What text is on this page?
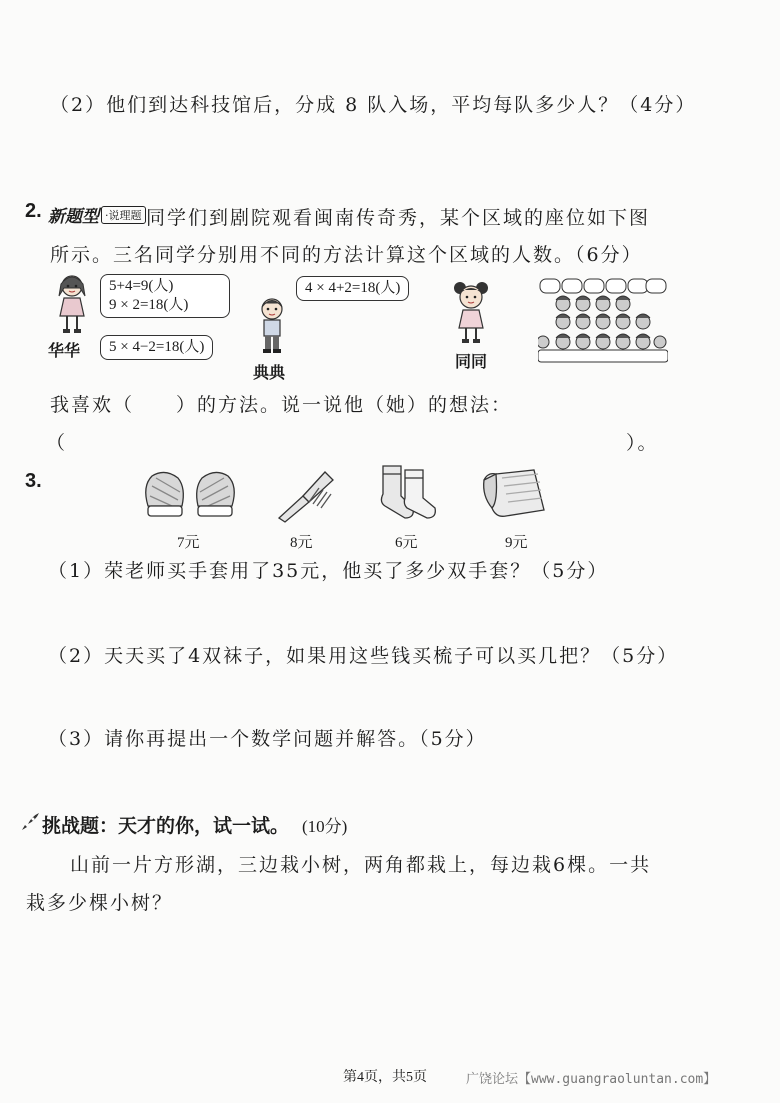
（2）他们到达科技馆后，分成 8 队入场，平均每队多少人？（4分）
2. 新题型 ·说理题 同学们到剧院观看闽南传奇秀，某个区域的座位如下图
所示。三名同学分别用不同的方法计算这个区域的人数。（6分）
华华
5+4=9(人)
9 × 2=18(人)
5 × 4−2=18(人)
典典
4 × 4+2=18(人)
同同
我喜欢（　　）的方法。说一说他（她）的想法：
（	）。
3.
7元	8元	6元	9元
（1）荣老师买手套用了35元，他买了多少双手套？（5分）
（2）天天买了4双袜子，如果用这些钱买梳子可以买几把？（5分）
（3）请你再提出一个数学问题并解答。（5分）
挑战题：天才的你，试一试。 (10分)
山前一片方形湖，三边栽小树，两角都栽上，每边栽6棵。一共
栽多少棵小树？
第4页，共5页	广饶论坛【www.guangraoluntan.com】
